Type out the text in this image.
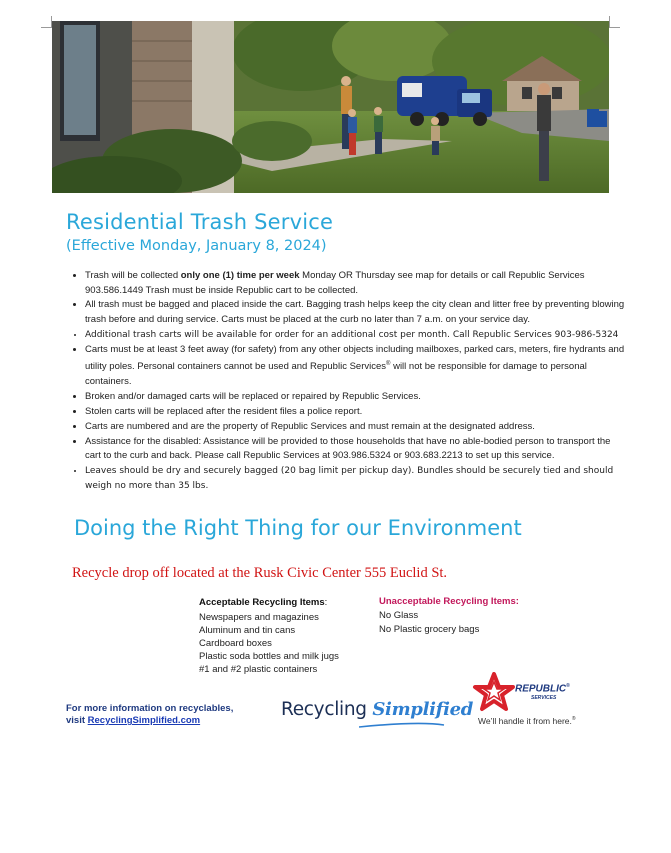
Residential Trash Service
(Effective Monday, January 8, 2024)
• Trash will be collected only one (1) time per week Monday OR Thursday see map for details or call Republic Services 903.586.1449 Trash must be inside Republic cart to be collected.
• All trash must be bagged and placed inside the cart. Bagging trash helps keep the city clean and litter free by preventing blowing trash before and during service. Carts must be placed at the curb no later than 7 a.m. on your service day.
• Additional trash carts will be available for order for an additional cost per month. Call Republic Services 903-986-5324
• Carts must be at least 3 feet away (for safety) from any other objects including mailboxes, parked cars, meters, fire hydrants and utility poles. Personal containers cannot be used and Republic Services® will not be responsible for damage to personal containers.
• Broken and/or damaged carts will be replaced or repaired by Republic Services.
• Stolen carts will be replaced after the resident files a police report.
• Carts are numbered and are the property of Republic Services and must remain at the designated address.
• Assistance for the disabled: Assistance will be provided to those households that have no able-bodied person to transport the cart to the curb and back. Please call Republic Services at 903.986.5324 or 903.683.2213 to set up this service.
• Leaves should be dry and securely bagged (20 bag limit per pickup day). Bundles should be securely tied and should weigh no more than 35 lbs.
Doing the Right Thing for our Environment
Recycle drop off located at the Rusk Civic Center 555 Euclid St.
Acceptable Recycling Items:
Newspapers and magazines
Aluminum and tin cans
Cardboard boxes
Plastic soda bottles and milk jugs
#1 and #2 plastic containers
Unacceptable Recycling Items:
No Glass
No Plastic grocery bags
For more information on recyclables,
visit RecyclingSimplified.com
Recycling Simplified
REPUBLIC®
SERVICES
We’ll handle it from here.®
